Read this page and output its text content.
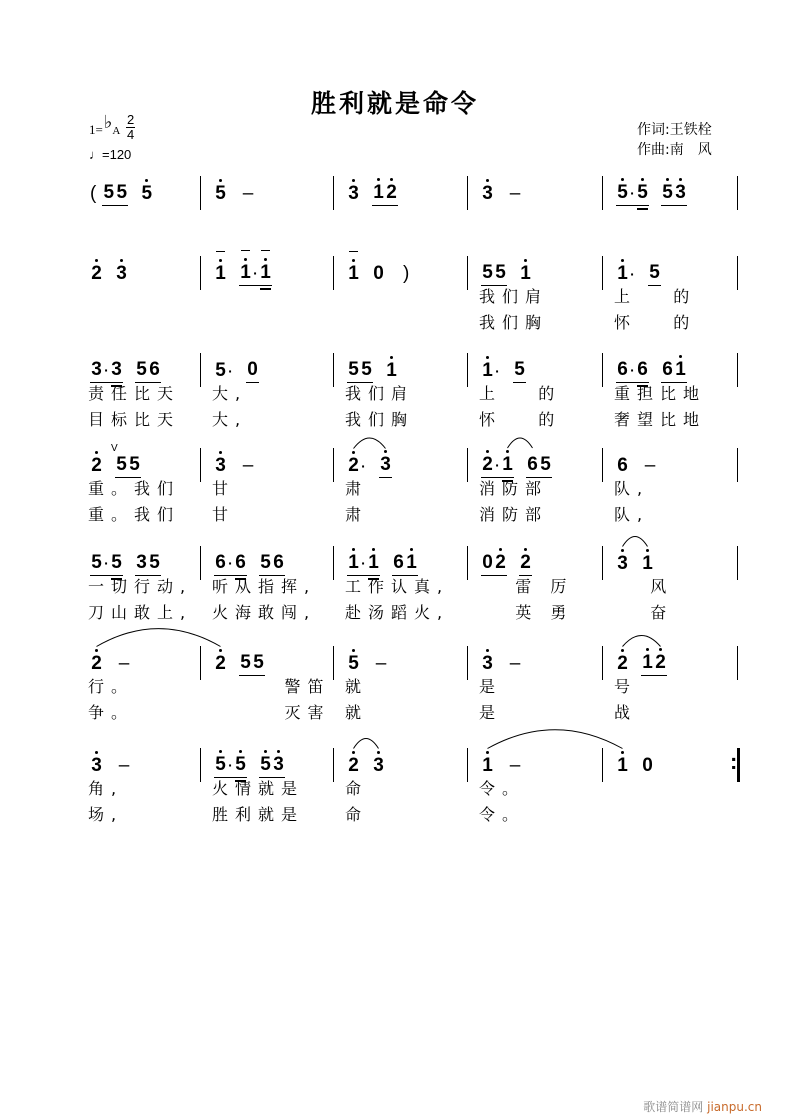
胜利就是命令
1=♭A
2
4
♩=120
作词:王铁栓
作曲:南　风
( 5 5 5	5 –	3 1 2	3 –	5 · 5 5 3
2 3	1 1 · 1	1 0 )	5 5 1
我们肩
我们胸
1 · 5
上   的
怀   的
3 · 3 5 6
责任比天
目标比天
5 · 0
大,
大,
5 5 1
我们肩
我们胸
1 · 5
上   的
怀   的
6 · 6 6 1
重担比地
奢望比地
2 5
V
5
重。我们
重。我们
3 –
甘
甘
2 · 3
肃
肃
2 · 1 6 5
消防部
消防部
6 –
队,
队,
5 · 5 3 5
一切行动,
刀山敢上,
6 · 6 5 6
听从指挥,
火海敢闯,
1 · 1 6 1
工作认真,
赴汤蹈火,
0 2 2
雷 厉
英 勇
3 1
风
奋
2 –
行。
争。
2 5 5
警笛
灭害
5 –
就
就
3 –
是
是
2 1 2
号
战
3 –
角,
场,
5 · 5 5 3
火情就是
胜利就是
2 3
命
命
1 –
令。
令。
1 0	:
歌谱简谱网 jianpu.cn
